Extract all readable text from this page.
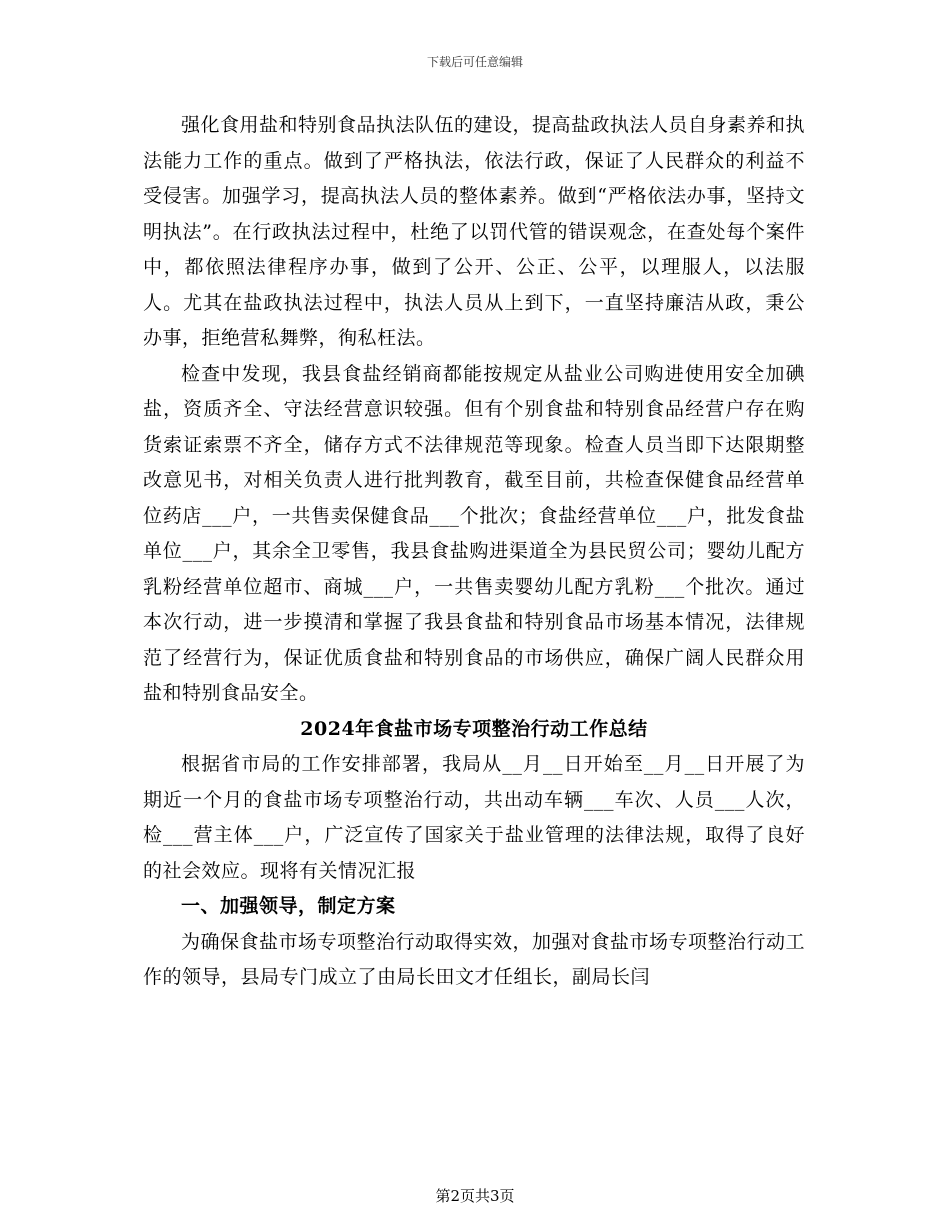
下载后可任意编辑

强化食用盐和特别食品执法队伍的建设，提高盐政执法人员自身素养和执法能力工作的重点。做到了严格执法，依法行政，保证了人民群众的利益不受侵害。加强学习，提高执法人员的整体素养。做到“严格依法办事，坚持文明执法”。在行政执法过程中，杜绝了以罚代管的错误观念，在查处每个案件中，都依照法律程序办事，做到了公开、公正、公平，以理服人，以法服人。尤其在盐政执法过程中，执法人员从上到下，一直坚持廉洁从政，秉公办事，拒绝营私舞弊，徇私枉法。

检查中发现，我县食盐经销商都能按规定从盐业公司购进使用安全加碘盐，资质齐全、守法经营意识较强。但有个别食盐和特别食品经营户存在购货索证索票不齐全，储存方式不法律规范等现象。检查人员当即下达限期整改意见书，对相关负责人进行批判教育，截至目前，共检查保健食品经营单位药店___户，一共售卖保健食品___个批次；食盐经营单位___户，批发食盐单位___户，其余全卫零售，我县食盐购进渠道全为县民贸公司；婴幼儿配方乳粉经营单位超市、商城___户，一共售卖婴幼儿配方乳粉___个批次。通过本次行动，进一步摸清和掌握了我县食盐和特别食品市场基本情况，法律规范了经营行为，保证优质食盐和特别食品的市场供应，确保广阔人民群众用盐和特别食品安全。

2024年食盐市场专项整治行动工作总结

根据省市局的工作安排部署，我局从__月__日开始至__月__日开展了为期近一个月的食盐市场专项整治行动，共出动车辆___车次、人员___人次，检___营主体___户，广泛宣传了国家关于盐业管理的法律法规，取得了良好的社会效应。现将有关情况汇报

一、加强领导，制定方案

为确保食盐市场专项整治行动取得实效，加强对食盐市场专项整治行动工作的领导，县局专门成立了由局长田文才任组长，副局长闫

第2页共3页
